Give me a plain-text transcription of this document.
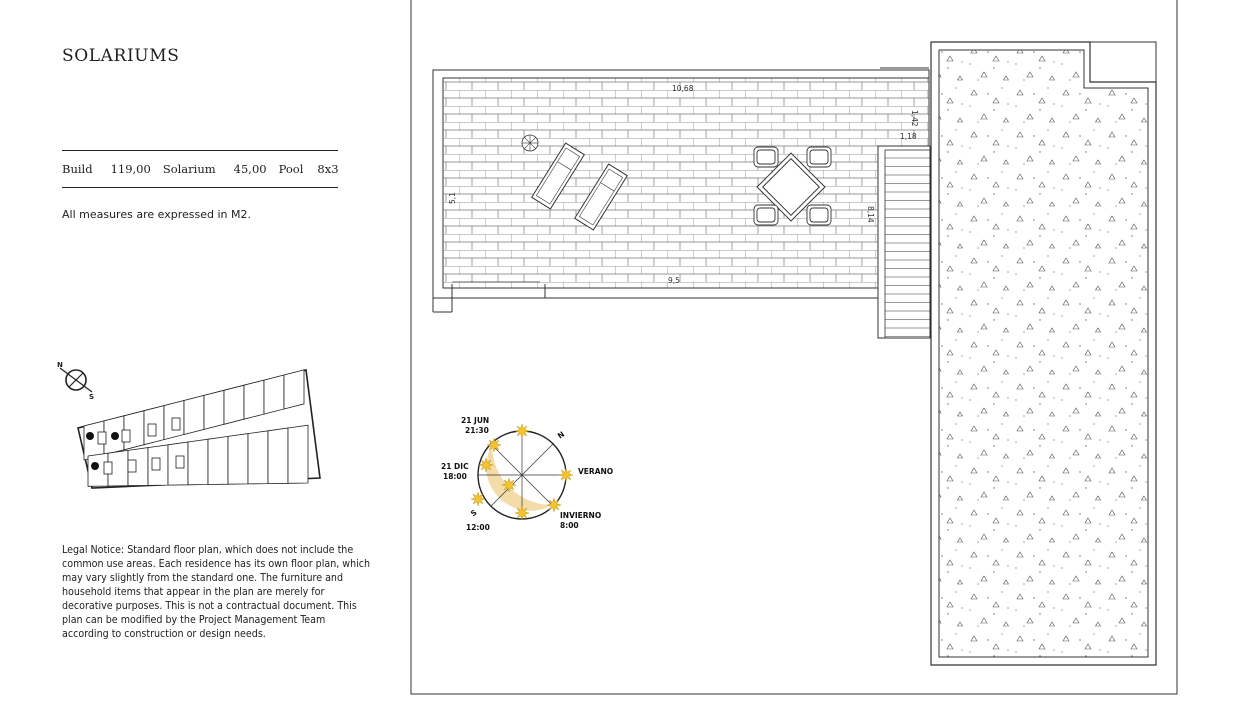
SOLARIUMS
Build 119,00 Solarium 45,00 Pool 8x3
All measures are expressed in M2.
Legal Notice: Standard floor plan, which does not include the common use areas. Each residence has its own floor plan, which may vary slightly from the standard one. The furniture and household items that appear in the plan are merely for decorative purposes. This is not a contractual document. This plan can be modified by the Project Management Team according to construction or design needs.
10,68
9,5
5,1
1,42
1,18
8,14
N
S
N
S
21 JUN
21:30
21 DIC
18:00
VERANO
12:00
INVIERNO
8:00
